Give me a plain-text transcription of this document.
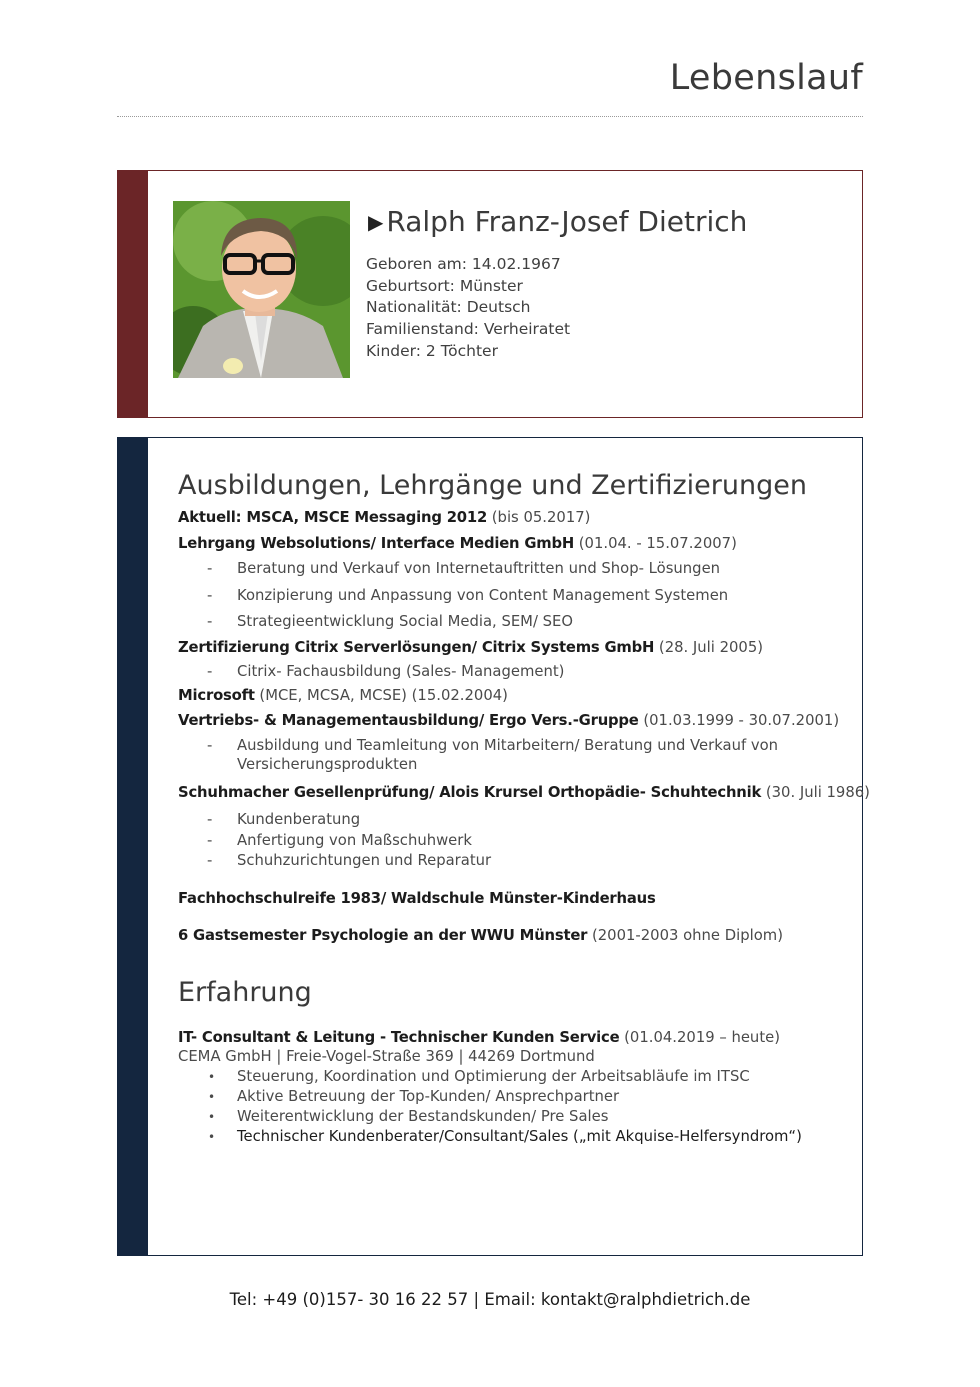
Lebenslauf
▶ Ralph Franz-Josef Dietrich
Geboren am: 14.02.1967
Geburtsort: Münster
Nationalität: Deutsch
Familienstand: Verheiratet
Kinder: 2 Töchter
Ausbildungen, Lehrgänge und Zertifizierungen
Aktuell: MSCA, MSCE Messaging 2012 (bis 05.2017)
Lehrgang Websolutions/ Interface Medien GmbH (01.04. - 15.07.2007)
- Beratung und Verkauf von Internetauftritten und Shop- Lösungen
- Konzipierung und Anpassung von Content Management Systemen
- Strategieentwicklung Social Media, SEM/ SEO
Zertifizierung Citrix Serverlösungen/ Citrix Systems GmbH (28. Juli 2005)
- Citrix- Fachausbildung (Sales- Management)
Microsoft (MCE, MCSA, MCSE) (15.02.2004)
Vertriebs- & Managementausbildung/ Ergo Vers.-Gruppe (01.03.1999 - 30.07.2001)
- Ausbildung und Teamleitung von Mitarbeitern/ Beratung und Verkauf von
Versicherungsprodukten
Schuhmacher Gesellenprüfung/ Alois Krursel Orthopädie- Schuhtechnik (30. Juli 1986)
- Kundenberatung
- Anfertigung von Maßschuhwerk
- Schuhzurichtungen und Reparatur
Fachhochschulreife 1983/ Waldschule Münster-Kinderhaus
6 Gastsemester Psychologie an der WWU Münster (2001-2003 ohne Diplom)
Erfahrung
IT- Consultant & Leitung - Technischer Kunden Service (01.04.2019 – heute)
CEMA GmbH | Freie-Vogel-Straße 369 | 44269 Dortmund
• Steuerung, Koordination und Optimierung der Arbeitsabläufe im ITSC
• Aktive Betreuung der Top-Kunden/ Ansprechpartner
• Weiterentwicklung der Bestandskunden/ Pre Sales
• Technischer Kundenberater/Consultant/Sales („mit Akquise-Helfersyndrom“)
Tel: +49 (0)157- 30 16 22 57 | Email: kontakt@ralphdietrich.de
